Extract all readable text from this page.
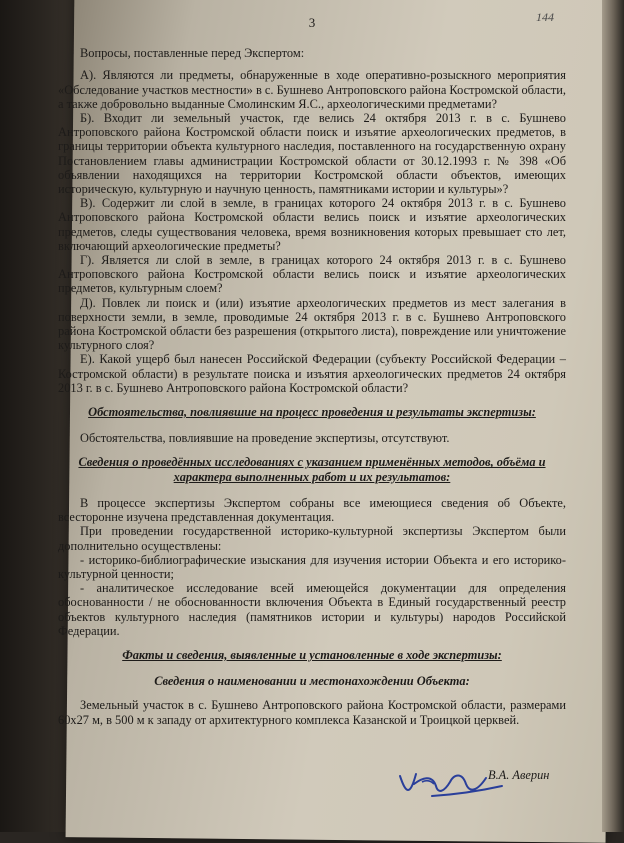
144
3

Вопросы, поставленные перед Экспертом:

А). Являются ли предметы, обнаруженные в ходе оперативно-розыскного мероприятия «Обследование участков местности» в с. Бушнево Антроповского района Костромской области, а также добровольно выданные Смолинским Я.С., археологическими предметами?

Б). Входит ли земельный участок, где велись 24 октября 2013 г. в с. Бушнево Антроповского района Костромской области поиск и изъятие археологических предметов, в границы территории объекта культурного наследия, поставленного на государственную охрану Постановлением главы администрации Костромской области от 30.12.1993 г. № 398 «Об объявлении находящихся на территории Костромской области объектов, имеющих историческую, культурную и научную ценность, памятниками истории и культуры»?

В). Содержит ли слой в земле, в границах которого 24 октября 2013 г. в с. Бушнево Антроповского района Костромской области велись поиск и изъятие археологических предметов, следы существования человека, время возникновения которых превышает сто лет, включающий археологические предметы?

Г). Является ли слой в земле, в границах которого 24 октября 2013 г. в с. Бушнево Антроповского района Костромской области велись поиск и изъятие археологических предметов, культурным слоем?

Д). Повлек ли поиск и (или) изъятие археологических предметов из мест залегания в поверхности земли, в земле, проводимые 24 октября 2013 г. в с. Бушнево Антроповского района Костромской области без разрешения (открытого листа), повреждение или уничтожение культурного слоя?

Е). Какой ущерб был нанесен Российской Федерации (субъекту Российской Федерации – Костромской области) в результате поиска и изъятия археологических предметов 24 октября 2013 г. в с. Бушнево Антроповского района Костромской области?

Обстоятельства, повлиявшие на процесс проведения и результаты экспертизы:

Обстоятельства, повлиявшие на проведение экспертизы, отсутствуют.

Сведения о проведённых исследованиях с указанием применённых методов, объёма и характера выполненных работ и их результатов:

В процессе экспертизы Экспертом собраны все имеющиеся сведения об Объекте, всесторонне изучена представленная документация.

При проведении государственной историко-культурной экспертизы Экспертом были дополнительно осуществлены:

- историко-библиографические изыскания для изучения истории Объекта и его историко-культурной ценности;

- аналитическое исследование всей имеющейся документации для определения обоснованности / не обоснованности включения Объекта в Единый государственный реестр объектов культурного наследия (памятников истории и культуры) народов Российской Федерации.

Факты и сведения, выявленные и установленные в ходе экспертизы:
Сведения о наименовании и местонахождении Объекта:

Земельный участок в с. Бушнево Антроповского района Костромской области, размерами 60х27 м, в 500 м к западу от архитектурного комплекса Казанской и Троицкой церквей.

В.А. Аверин
